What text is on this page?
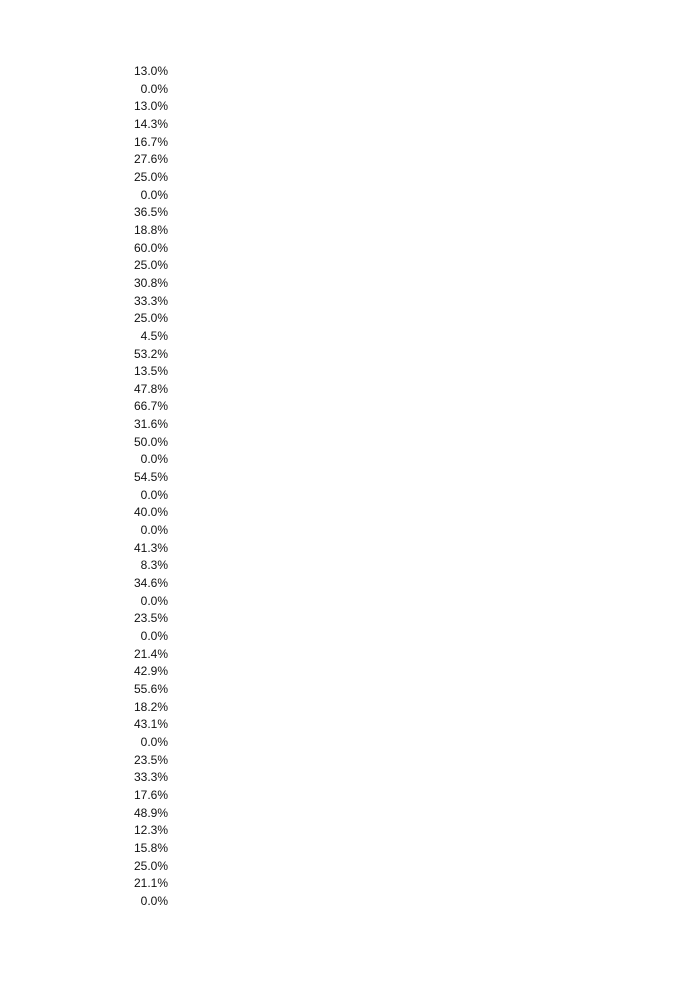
13.0%
0.0%
13.0%
14.3%
16.7%
27.6%
25.0%
0.0%
36.5%
18.8%
60.0%
25.0%
30.8%
33.3%
25.0%
4.5%
53.2%
13.5%
47.8%
66.7%
31.6%
50.0%
0.0%
54.5%
0.0%
40.0%
0.0%
41.3%
8.3%
34.6%
0.0%
23.5%
0.0%
21.4%
42.9%
55.6%
18.2%
43.1%
0.0%
23.5%
33.3%
17.6%
48.9%
12.3%
15.8%
25.0%
21.1%
0.0%
